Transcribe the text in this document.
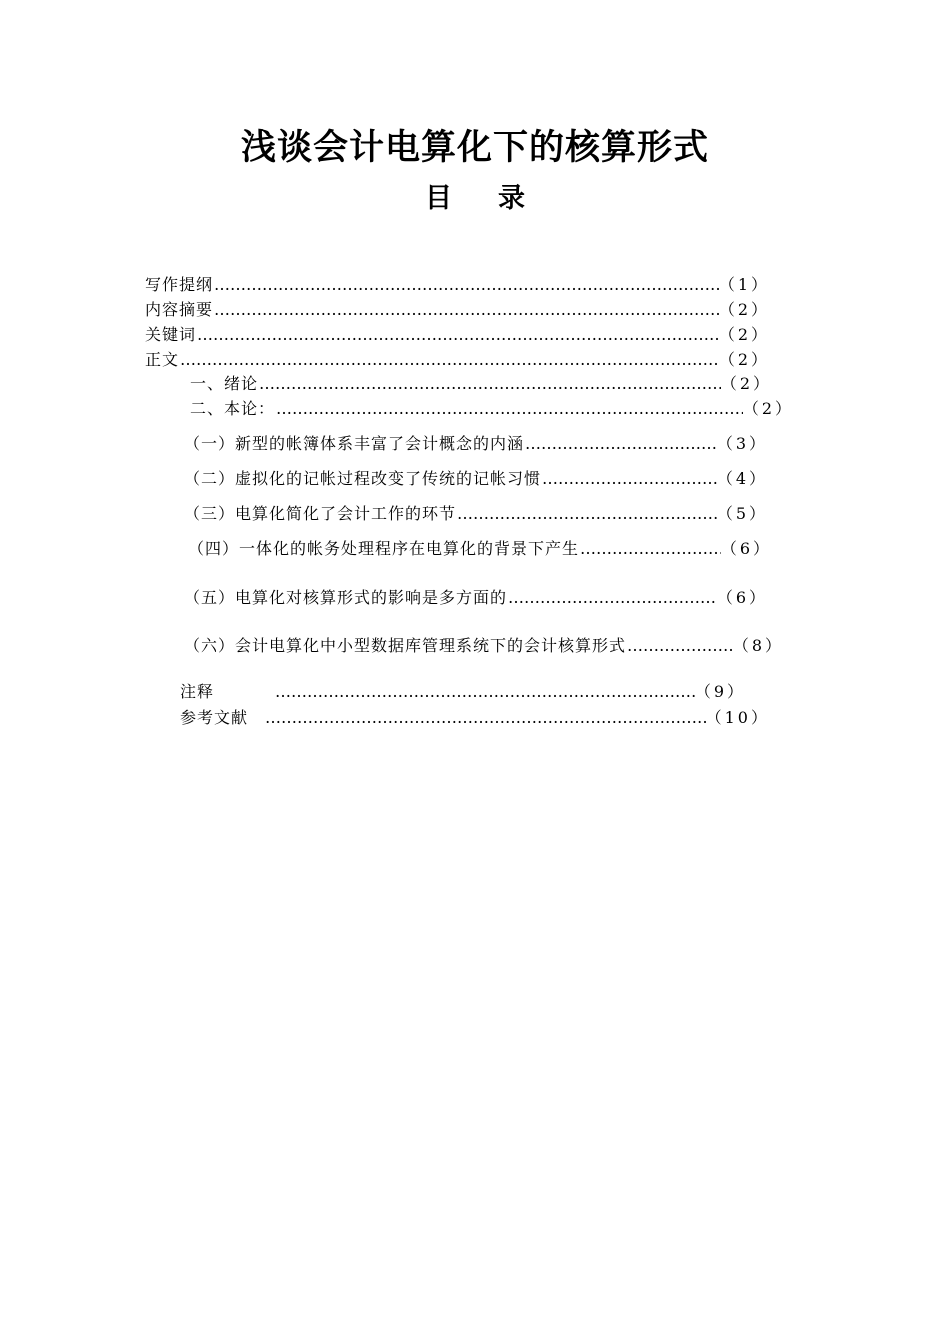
浅谈会计电算化下的核算形式
目 录
写作提纲 ………………………………………………………………………………………………………………………………………………………………………………………………	（1）
内容摘要 ………………………………………………………………………………………………………………………………………………………………………………………………	（2）
关键词 ………………………………………………………………………………………………………………………………………………………………………………………………	（2）
正文 ………………………………………………………………………………………………………………………………………………………………………………………………	（2）
一、绪论 ………………………………………………………………………………………………………………………………………………………………………………………………	（2）
二、本论： ………………………………………………………………………………………………………………………………………………………………………………………………	（2）
（一）新型的帐簿体系丰富了会计概念的内涵 ………………………………………………………………………………………………………………………………………………………………………………………………	（3）
（二）虚拟化的记帐过程改变了传统的记帐习惯 ………………………………………………………………………………………………………………………………………………………………………………………………	（4）
（三）电算化简化了会计工作的环节 ………………………………………………………………………………………………………………………………………………………………………………………………	（5）
（四）一体化的帐务处理程序在电算化的背景下产生 ………………………………………………………………………………………………………………………………………………………………………………………………	（6）
（五）电算化对核算形式的影响是多方面的 ………………………………………………………………………………………………………………………………………………………………………………………………	（6）
（六）会计电算化中小型数据库管理系统下的会计核算形式 ………………………………………………………………………………………………………………………………………………………………………………………………	（8）
注释 ………………………………………………………………………………………………………………………………………………………………………………………………	（9）
参考文献 ………………………………………………………………………………………………………………………………………………………………………………………………	（10）
